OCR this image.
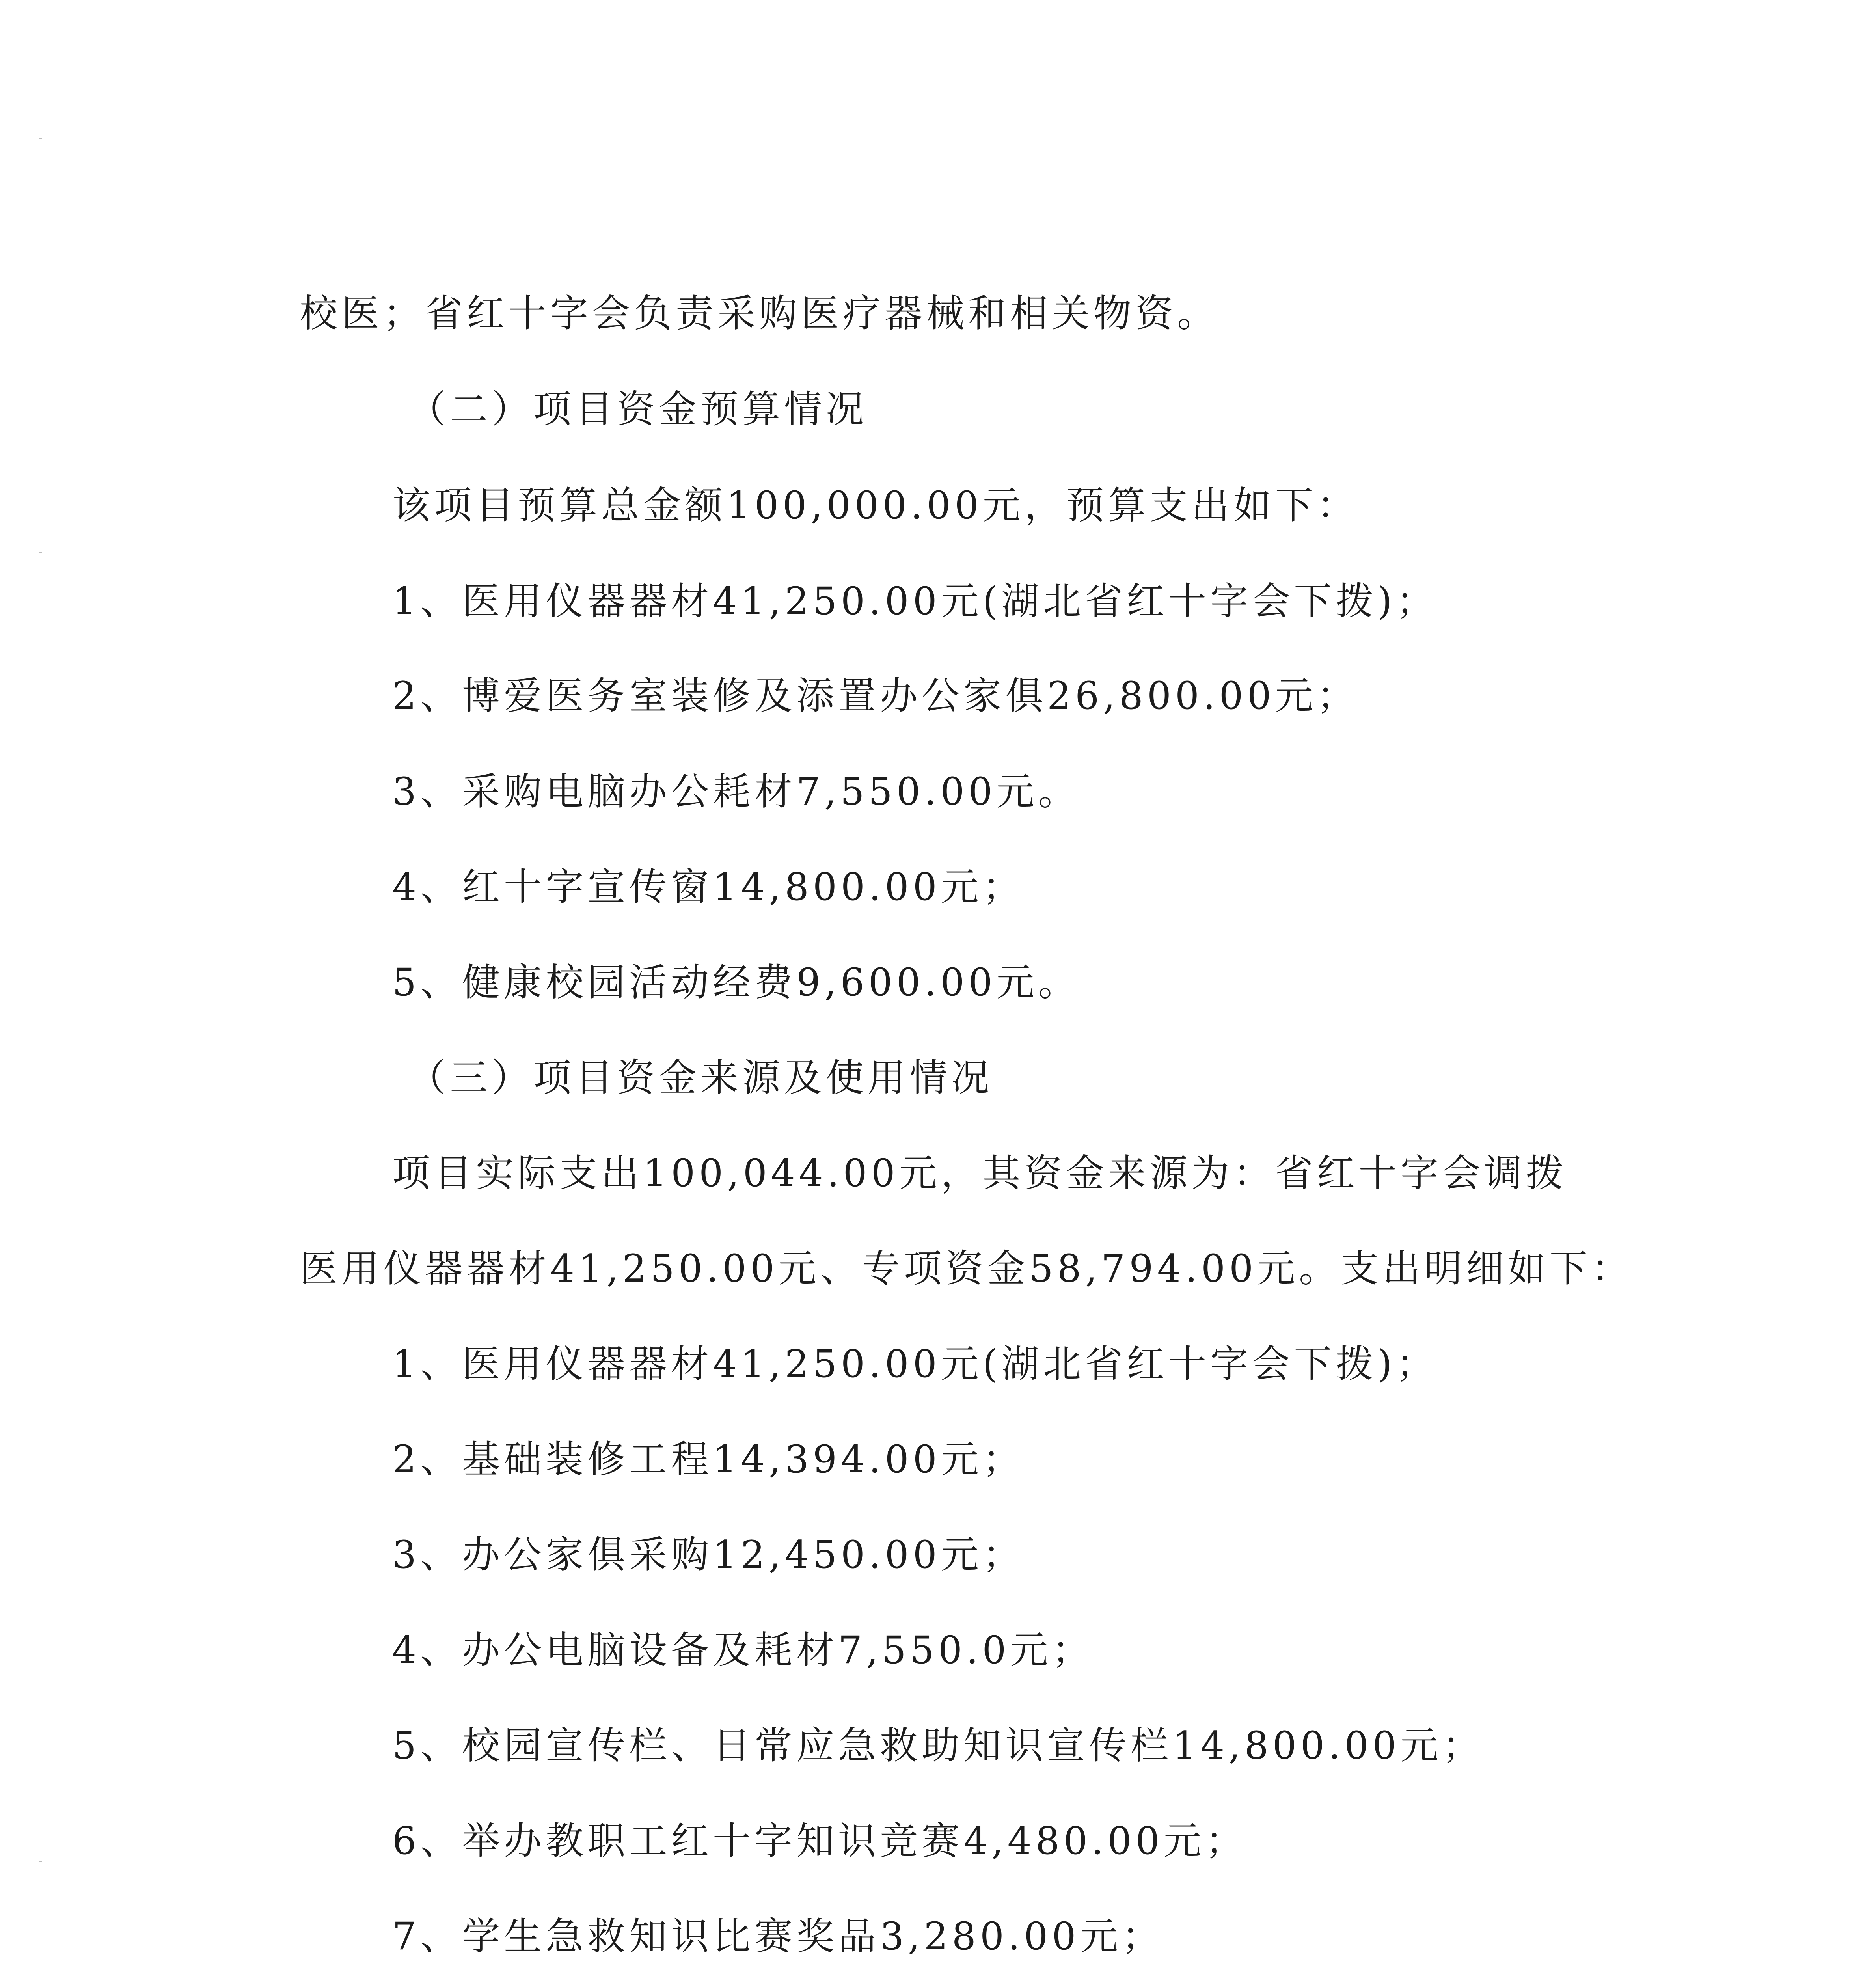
校医；省红十字会负责采购医疗器械和相关物资。
（二）项目资金预算情况
该项目预算总金额100,000.00元，预算支出如下：
1、医用仪器器材41,250.00元(湖北省红十字会下拨)；
2、博爱医务室装修及添置办公家俱26,800.00元；
3、采购电脑办公耗材7,550.00元。
4、红十字宣传窗14,800.00元；
5、健康校园活动经费9,600.00元。
（三）项目资金来源及使用情况
项目实际支出100,044.00元，其资金来源为：省红十字会调拨
医用仪器器材41,250.00元、专项资金58,794.00元。支出明细如下：
1、医用仪器器材41,250.00元(湖北省红十字会下拨)；
2、基础装修工程14,394.00元；
3、办公家俱采购12,450.00元；
4、办公电脑设备及耗材7,550.0元；
5、校园宣传栏、日常应急救助知识宣传栏14,800.00元；
6、举办教职工红十字知识竞赛4,480.00元；
7、学生急救知识比赛奖品3,280.00元；
